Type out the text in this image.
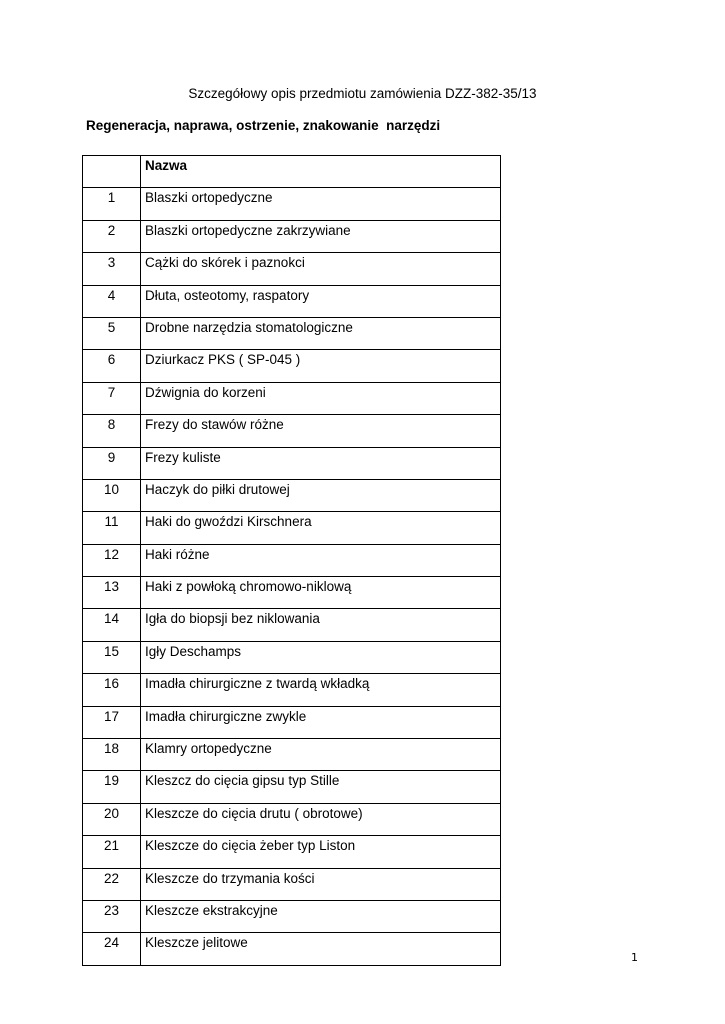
Szczegółowy opis przedmiotu zamówienia DZZ-382-35/13
Regeneracja, naprawa, ostrzenie, znakowanie  narzędzi
	Nazwa
1	Blaszki ortopedyczne
2	Blaszki ortopedyczne zakrzywiane
3	Cążki do skórek i paznokci
4	Dłuta, osteotomy, raspatory
5	Drobne narzędzia stomatologiczne
6	Dziurkacz PKS ( SP-045 )
7	Dźwignia do korzeni
8	Frezy do stawów różne
9	Frezy kuliste
10	Haczyk do piłki drutowej
11	Haki do gwoździ Kirschnera
12	Haki różne
13	Haki z powłoką chromowo-niklową
14	Igła do biopsji bez niklowania
15	Igły Deschamps
16	Imadła chirurgiczne z twardą wkładką
17	Imadła chirurgiczne zwykle
18	Klamry ortopedyczne
19	Kleszcz do cięcia gipsu typ Stille
20	Kleszcze do cięcia drutu ( obrotowe)
21	Kleszcze do cięcia żeber typ Liston
22	Kleszcze do trzymania kości
23	Kleszcze ekstrakcyjne
24	Kleszcze jelitowe
1
